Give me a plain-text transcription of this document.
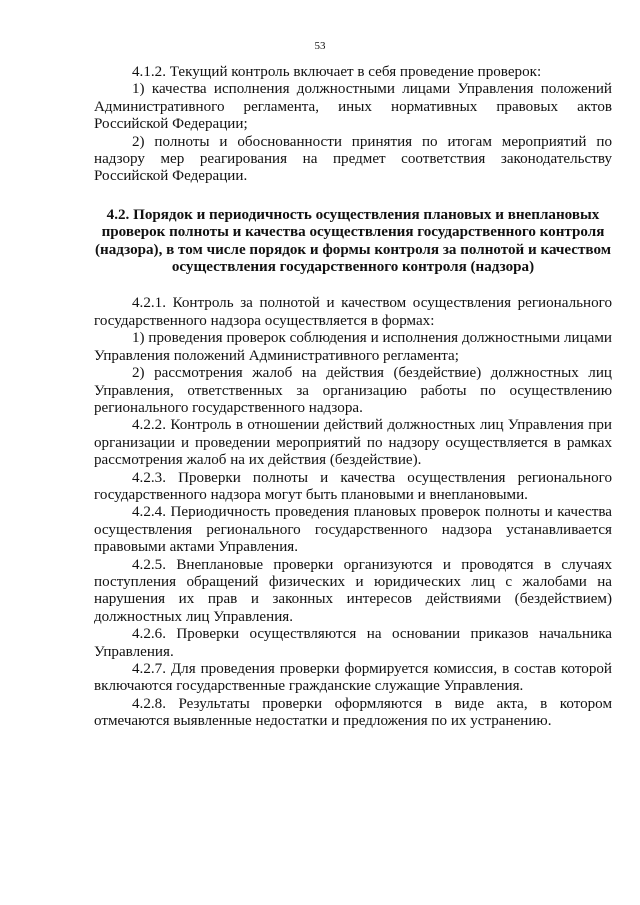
53

4.1.2. Текущий контроль включает в себя проведение проверок:

1) качества исполнения должностными лицами Управления положений Административного регламента, иных нормативных правовых актов Российской Федерации;

2) полноты и обоснованности принятия по итогам мероприятий по надзору мер реагирования на предмет соответствия законодательству Российской Федерации.

4.2. Порядок и периодичность осуществления плановых и внеплановых проверок полноты и качества осуществления государственного контроля (надзора), в том числе порядок и формы контроля за полнотой и качеством осуществления государственного контроля (надзора)

4.2.1. Контроль за полнотой и качеством осуществления регионального государственного надзора осуществляется в формах:

1) проведения проверок соблюдения и исполнения должностными лицами Управления положений Административного регламента;

2) рассмотрения жалоб на действия (бездействие) должностных лиц Управления, ответственных за организацию работы по осуществлению регионального государственного надзора.

4.2.2. Контроль в отношении действий должностных лиц Управления при организации и проведении мероприятий по надзору осуществляется в рамках рассмотрения жалоб на их действия (бездействие).

4.2.3. Проверки полноты и качества осуществления регионального государственного надзора могут быть плановыми и внеплановыми.

4.2.4. Периодичность проведения плановых проверок полноты и качества осуществления регионального государственного надзора устанавливается правовыми актами Управления.

4.2.5. Внеплановые проверки организуются и проводятся в случаях поступления обращений физических и юридических лиц с жалобами на нарушения их прав и законных интересов действиями (бездействием) должностных лиц Управления.

4.2.6. Проверки осуществляются на основании приказов начальника Управления.

4.2.7. Для проведения проверки формируется комиссия, в состав которой включаются государственные гражданские служащие Управления.

4.2.8. Результаты проверки оформляются в виде акта, в котором отмечаются выявленные недостатки и предложения по их устранению.
